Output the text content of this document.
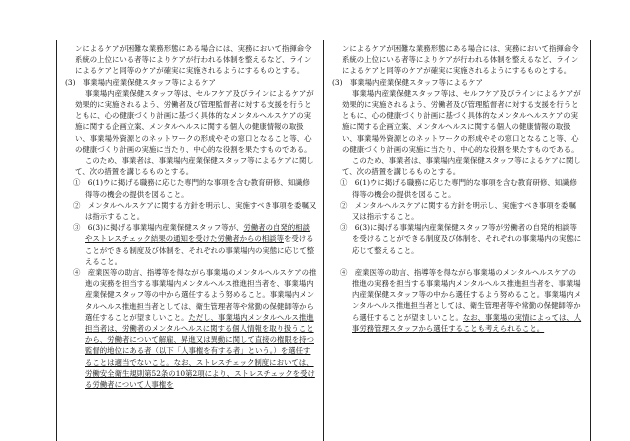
ンによるケアが困難な業務形態にある場合には、実務において指揮命令系統の上位にいる者等によりケアが行われる体制を整えるなど、ラインによるケアと同等のケアが確実に実施されるようにするものとする。

(3)　事業場内産業保健スタッフ等によるケア

事業場内産業保健スタッフ等は、セルフケア及びラインによるケアが効果的に実施されるよう、労働者及び管理監督者に対する支援を行うとともに、心の健康づくり計画に基づく具体的なメンタルヘルスケアの実施に関する企画立案、メンタルヘルスに関する個人の健康情報の取扱い、事業場外資源とのネットワークの形成やその窓口となること等、心の健康づくり計画の実施に当たり、中心的な役割を果たすものである。

このため、事業者は、事業場内産業保健スタッフ等によるケアに関して、次の措置を講じるものとする。

①　6(1)ウに掲げる職務に応じた専門的な事項を含む教育研修、知識修得等の機会の提供を図ること。

②　メンタルヘルスケアに関する方針を明示し、実施すべき事項を委嘱又は指示すること。

③　6(3)に掲げる事業場内産業保健スタッフ等が、労働者の自発的相談やストレスチェック結果の通知を受けた労働者からの相談等を受けることができる制度及び体制を、それぞれの事業場内の実態に応じて整えること。

④　産業医等の助言、指導等を得ながら事業場のメンタルヘルスケアの推進の実務を担当する事業場内メンタルヘルス推進担当者を、事業場内産業保健スタッフ等の中から選任するよう努めること。事業場内メンタルヘルス推進担当者としては、衛生管理者等や常勤の保健師等から選任することが望ましいこと。ただし、事業場内メンタルヘルス推進担当者は、労働者のメンタルヘルスに関する個人情報を取り扱うことから、労働者について解雇、昇進又は異動に関して直接の権限を持つ監督的地位にある者（以下「人事権を有する者」という。）を選任することは適当でないこと。なお、ストレスチェック制度においては、労働安全衛生規則第52条の10第2項により、ストレスチェックを受ける労働者について人事権を

ンによるケアが困難な業務形態にある場合には、実務において指揮命令系統の上位にいる者等によりケアが行われる体制を整えるなど、ラインによるケアと同等のケアが確実に実施されるようにするものとする。

(3)　事業場内産業保健スタッフ等によるケア

事業場内産業保健スタッフ等は、セルフケア及びラインによるケアが効果的に実施されるよう、労働者及び管理監督者に対する支援を行うとともに、心の健康づくり計画に基づく具体的なメンタルヘルスケアの実施に関する企画立案、メンタルヘルスに関する個人の健康情報の取扱い、事業場外資源とのネットワークの形成やその窓口となること等、心の健康づくり計画の実施に当たり、中心的な役割を果たすものである。

このため、事業者は、事業場内産業保健スタッフ等によるケアに関して、次の措置を講じるものとする。

①　6(1)ウに掲げる職務に応じた専門的な事項を含む教育研修、知識修得等の機会の提供を図ること。

②　メンタルヘルスケアに関する方針を明示し、実施すべき事項を委嘱又は指示すること。

③　6(3)に掲げる事業場内産業保健スタッフ等が労働者の自発的相談等を受けることができる制度及び体制を、それぞれの事業場内の実態に応じて整えること。

④　産業医等の助言、指導等を得ながら事業場のメンタルヘルスケアの推進の実務を担当する事業場内メンタルヘルス推進担当者を、事業場内産業保健スタッフ等の中から選任するよう努めること。事業場内メンタルヘルス推進担当者としては、衛生管理者等や常勤の保健師等から選任することが望ましいこと。なお、事業場の実情によっては、人事労務管理スタッフから選任することも考えられること。
